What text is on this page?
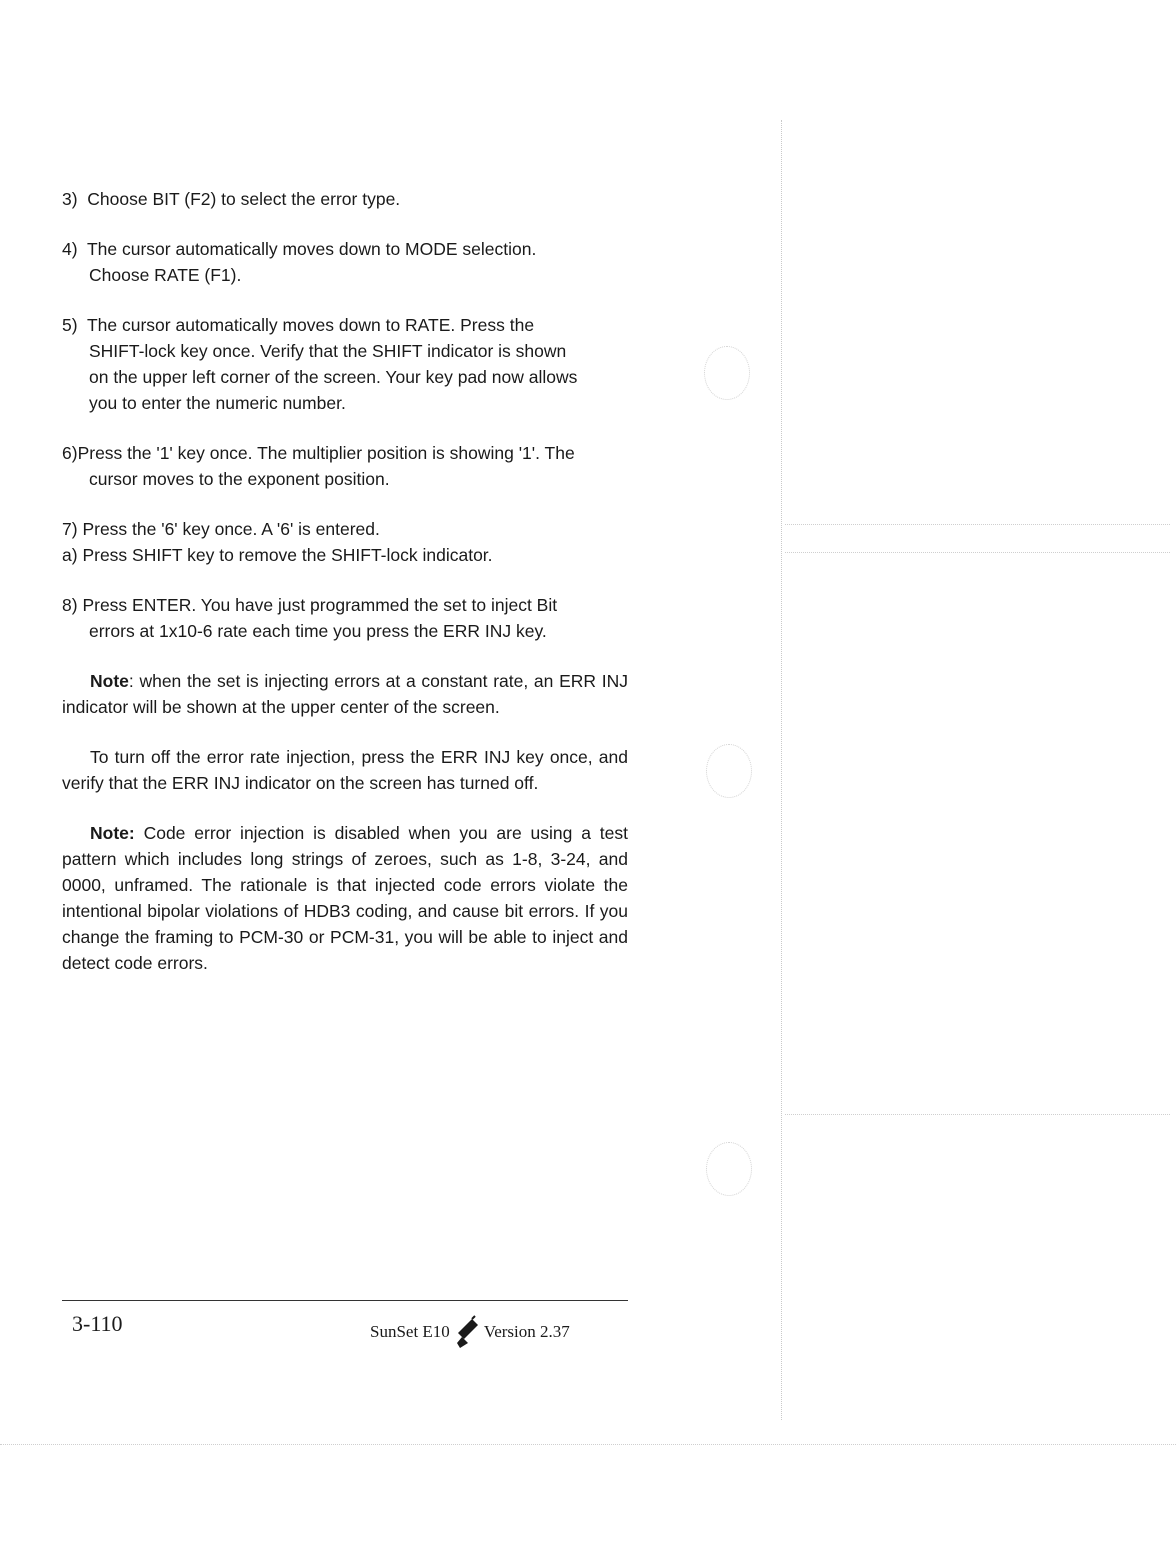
3) Choose BIT (F2) to select the error type.
4) The cursor automatically moves down to MODE selection.
Choose RATE (F1).
5) The cursor automatically moves down to RATE. Press the
SHIFT-lock key once. Verify that the SHIFT indicator is shown
on the upper left corner of the screen. Your key pad now allows
you to enter the numeric number.
6)Press the '1' key once. The multiplier position is showing '1'. The
cursor moves to the exponent position.
7) Press the '6' key once. A '6' is entered.
a) Press SHIFT key to remove the SHIFT-lock indicator.
8) Press ENTER. You have just programmed the set to inject Bit
errors at 1x10-6 rate each time you press the ERR INJ key.

Note: when the set is injecting errors at a constant rate, an ERR INJ indicator will be shown at the upper center of the screen.

To turn off the error rate injection, press the ERR INJ key once, and verify that the ERR INJ indicator on the screen has turned off.

Note: Code error injection is disabled when you are using a test pattern which includes long strings of zeroes, such as 1-8, 3-24, and 0000, unframed. The rationale is that injected code errors violate the intentional bipolar violations of HDB3 coding, and cause bit errors. If you change the framing to PCM-30 or PCM-31, you will be able to inject and detect code errors.

3-110	SunSet E10 Version 2.37
